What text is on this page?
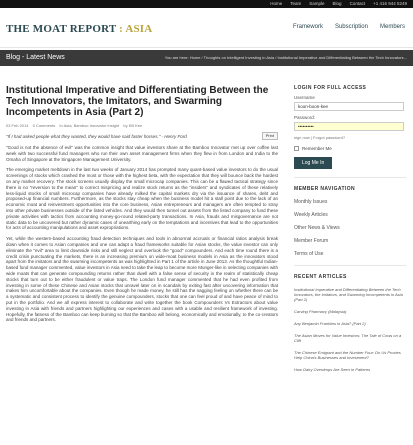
Home Team Sample Blog Contact +1 416 944 5249
THE MOAT REPORT : ASIA	Framework Subscription Members
Blog - Latest News	You are here: Home / Thoughts on Intelligent Investing in Asia / Institutional Imperative and Differentiating Between the Tech Innovators...
Institutional Imperative and Differentiating Between the Tech Innovators, the Imitators, and Swarming Incompetents in Asia (Part 2)
03 Feb 2014 0 Comments In Asia, Bamboo Innovator Insight by KB Kee
"If I had asked people what they wanted, they would have said faster horses." - Henry Ford	Print
"Good is not the absence of evil" was the common insight that value investors share at the Bamboo Innovator met up over coffee last week with two successful fund managers who run their own asset management firms when they flew in from London and India to the Omaha of Singapore at the Singapore Management University.
The emerging market meltdown in the last two weeks of January 2014 has prompted many quant-based value investors to do the usual screenings of stocks which crashed the most or those with the highest beta, with the expectation that they will bounce back the hardest on any market recovery. The stock screens usually display the small microcap companies. This can be a flawed tactical strategy since there is no "reversion to the mean" to correct mispricing and realize stock returns as the "insiders" and syndicates of these relatively less-liquid stocks of small microcap companies have already milked the capital markets dry via the issuance of shares, debt and proposed-up financial numbers. Furthermore, as the stocks stay cheap when the business model hit a stall point due to the lack of an economic moat and reinvestment opportunities into the core business, Asian entrepreneurs and managers are often tempted to stray into other private businesses outside of the listed vehicles. And they would then tunnel out assets from the listed company to fund these private activities with tactics from accounting money-go-round related-party transactions. In Asia, frauds and misgovernance are not static data to be uncovered but rather dynamic cases of unearthing early on the temptations and incentives that lead to the opportunities for acts of accounting manipulations and asset expropriations.
Yet, while the western-based accounting fraud detection techniques and tools in abnormal accruals or financial ratios analysis break down when it comes to Asian companies and one can adapt a fraud frameworks suitable for Asian stocks, the value investor can only eliminate the "evil" area to limit downside risks and still neglect and overlook the "good" compounders. And each time round there is a credit crisis punctuating the markets, there is an increasing premium on wide-moat business models in Asia as the innovators stood apart from the imitators and the swarming incompetents as was highlighted in Part 1 of the article in June 2013. As the thoughtful Indian-based fund manager commented, value investors in Asia need to take the leap to become more Munger-like in selecting companies with wide moats that can generate compounding returns rather than dwell with a false sense of security in the realm of statistically cheap stocks that turn out to be either fraudulent or value traps. The London fund manager commented that he had even profited from investing in some of these Chinese and Asian stocks that unravel later on in scandals by exiting fast after uncovering information that makes him uncomfortable about the companies. Even though he made money, he still has the nagging feeling on whether there can be a systematic and consistent process to identify the genuine compounders, stocks that one can feel proud of and have peace of mind to put in the portfolio. And we all express interest to collaborate and write together the book Compounders Vs Extractors about value investing in Asia with friends and partners highlighting our experiences and cases with a usable and resilient framework of investing. Hopefully, the fatness of the Bamboo can keep burning so that the Bamboo will belong, economically and emotionally, to the co-creators and friends and partners.
LOGIN FOR FULL ACCESS
Username
koon-boon-kee
Password:
••••••••••
sign now | Forgot password?
Remember Me
Log Me In
MEMBER NAVIGATION
Monthly Issues
Weekly Articles
Other News & Views
Member Forum
Terms of Use
RECENT ARTICLES
Institutional Imperative and Differentiating Between the Tech Innovators, the Imitators, and Swarming Incompetents in Asia (Part 2)
Carving Pharmacy (Malaysia)
Any Benjamin Franklins in Asia? (Part 2)
The Asian Moves for Value Investors: The Tale of Cows on a Cliff
The Chinese Emigrant and the Number Four: Do Us Proxies Help China's Businesses and Investment?
How Dairy Overdrops Are Seen in Patterns
